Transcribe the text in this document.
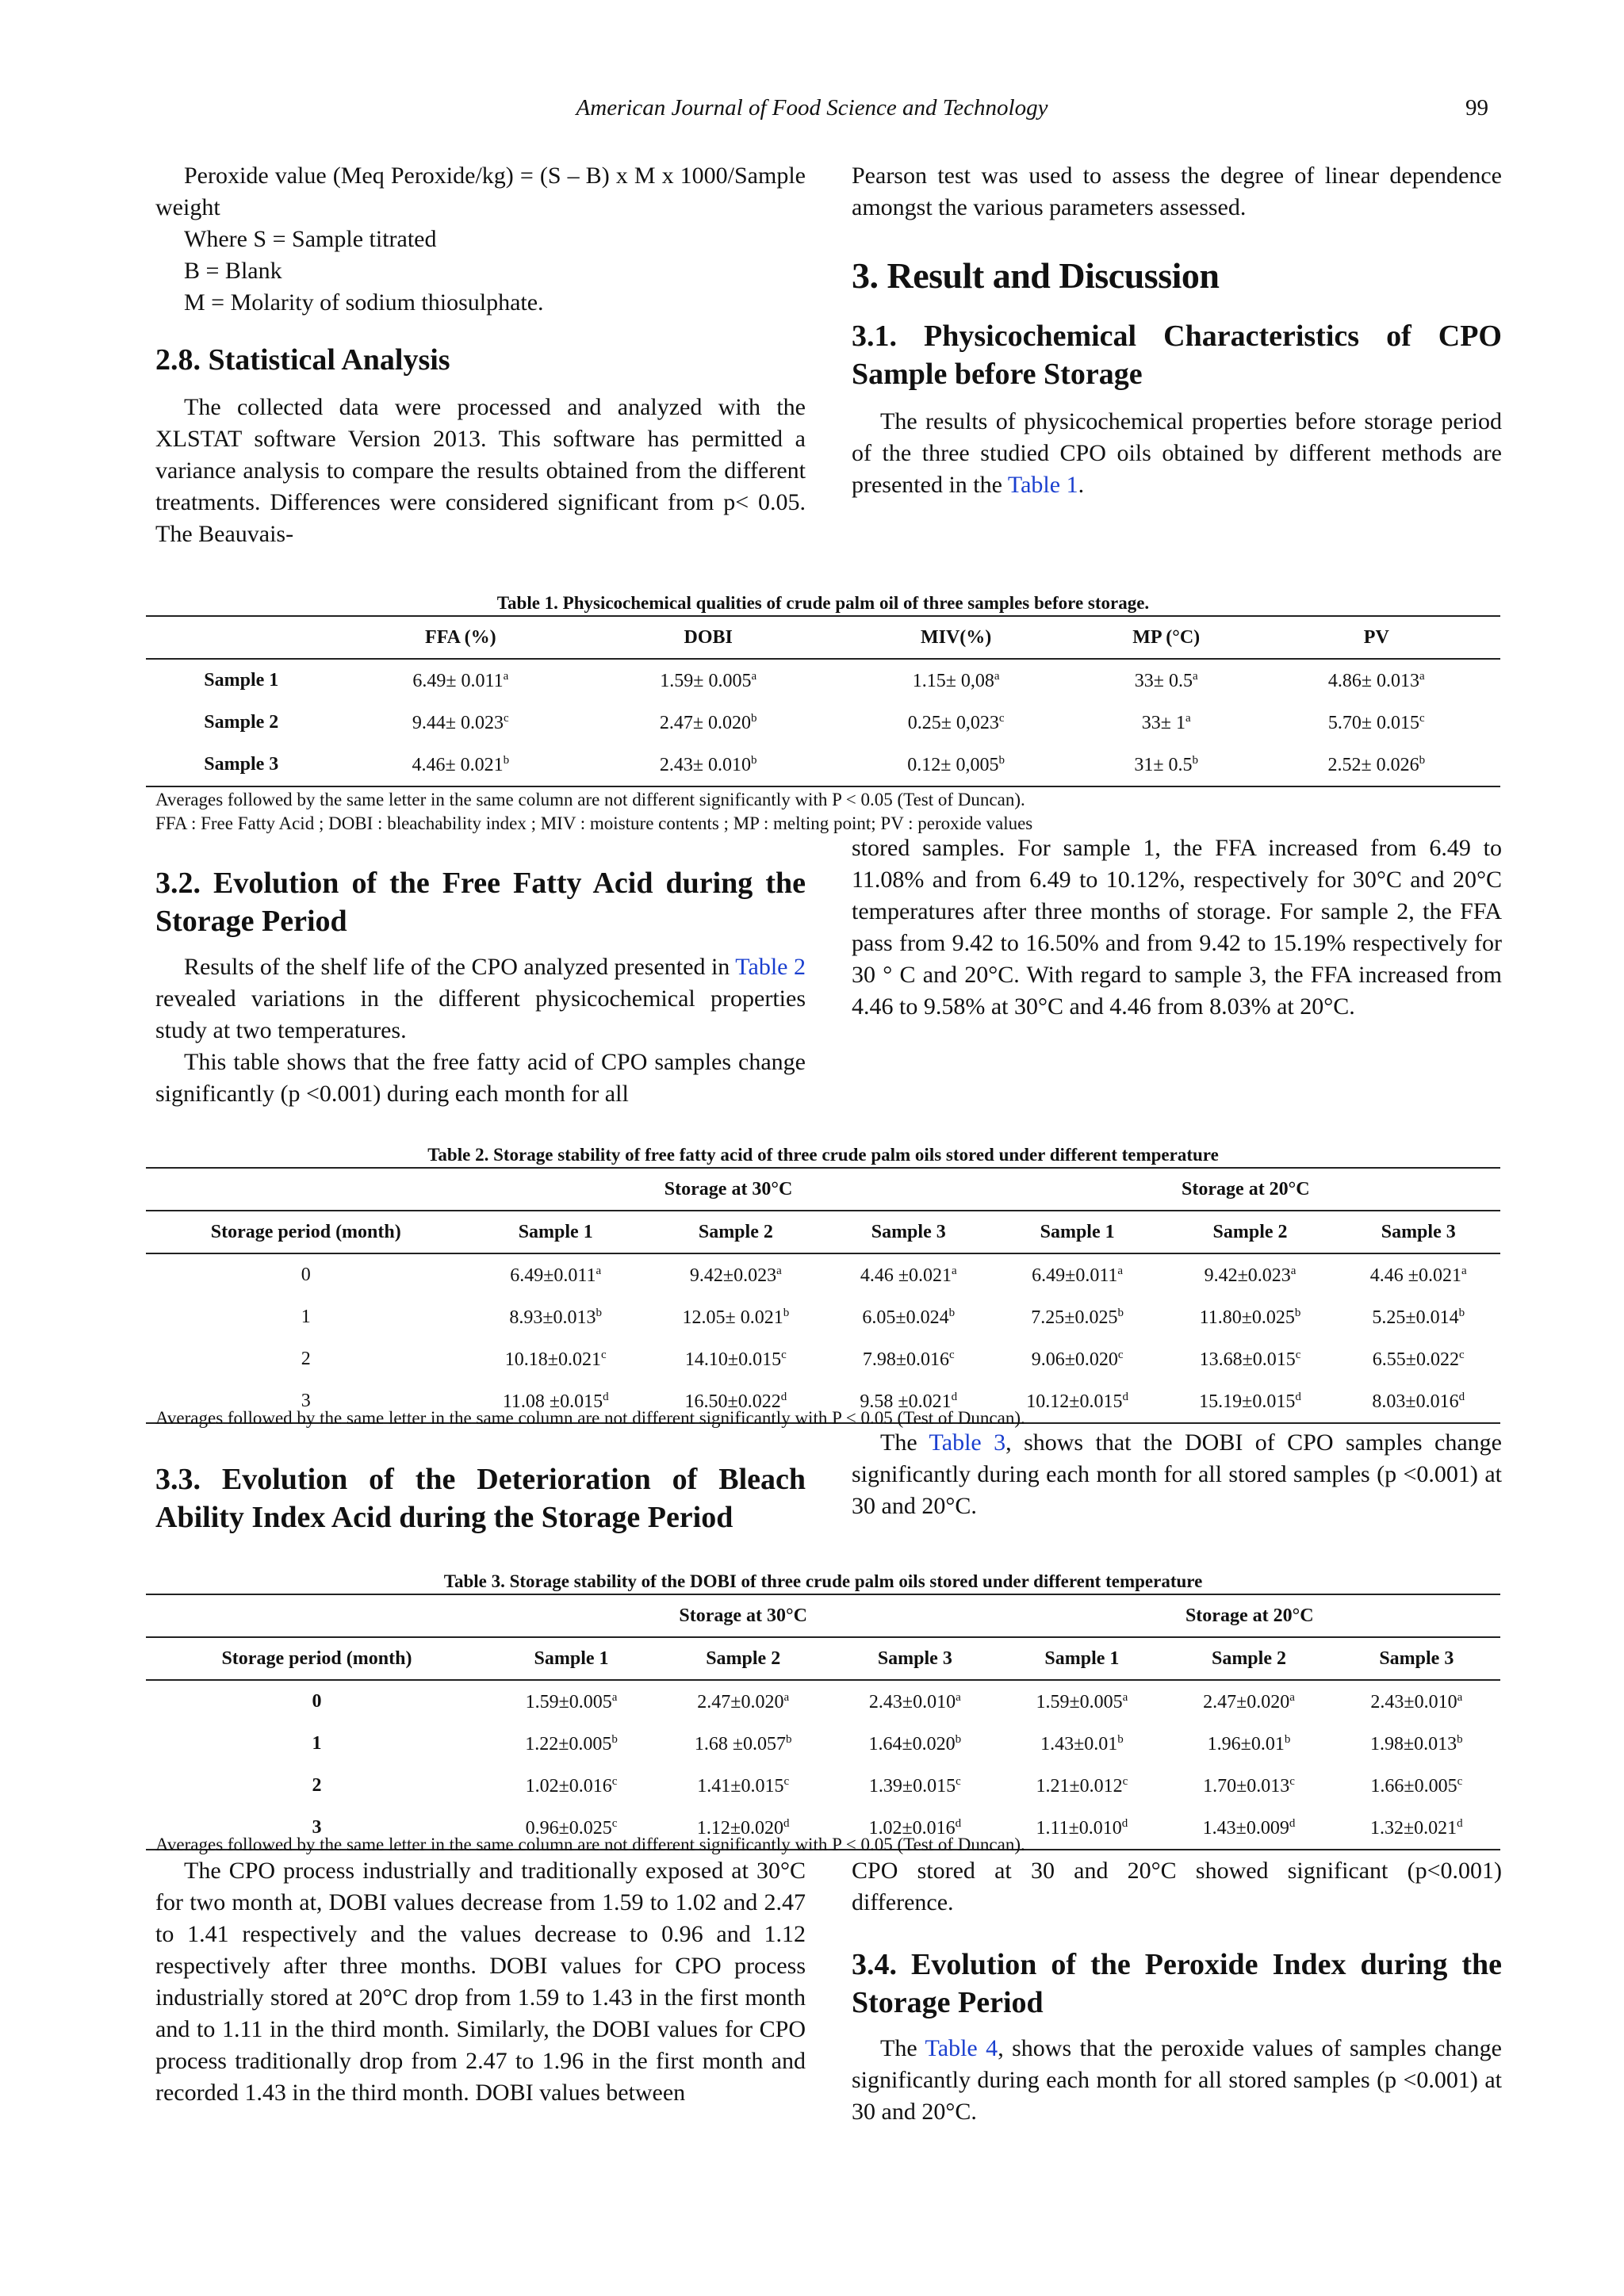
American Journal of Food Science and Technology	99

Peroxide value (Meq Peroxide/kg) = (S – B) x M x 1000/Sample weight

Where S = Sample titrated

B = Blank

M = Molarity of sodium thiosulphate.

2.8. Statistical Analysis

The collected data were processed and analyzed with the XLSTAT software Version 2013. This software has permitted a variance analysis to compare the results obtained from the different treatments. Differences were considered significant from p< 0.05. The Beauvais-

Pearson test was used to assess the degree of linear dependence amongst the various parameters assessed.

3. Result and Discussion
3.1. Physicochemical Characteristics of CPO Sample before Storage

The results of physicochemical properties before storage period of the three studied CPO oils obtained by different methods are presented in the Table 1.

Table 1. Physicochemical qualities of crude palm oil of three samples before storage.
	FFA (%)	DOBI	MIV(%)	MP (°C)	PV
Sample 1	6.49± 0.011$^a$	1.59± 0.005$^a$	1.15± 0,08$^a$	33± 0.5$^a$	4.86± 0.013$^a$
Sample 2	9.44± 0.023$^c$	2.47± 0.020$^b$	0.25± 0,023$^c$	$33\pm 1^a$	5.70± 0.015$^c$
Sample 3	4.46± 0.021$^b$	2.43± 0.010$^b$	0.12± 0,005$^b$	31± 0.5$^b$	2.52± 0.026$^b$
Averages followed by the same letter in the same column are not different significantly with P < 0.05 (Test of Duncan).
FFA : Free Fatty Acid ; DOBI : bleachability index ; MIV : moisture contents ; MP : melting point; PV : peroxide values
3.2. Evolution of the Free Fatty Acid during the Storage Period

Results of the shelf life of the CPO analyzed presented in Table 2 revealed variations in the different physicochemical properties study at two temperatures.

This table shows that the free fatty acid of CPO samples change significantly (p <0.001) during each month for all

stored samples. For sample 1, the FFA increased from 6.49 to 11.08% and from 6.49 to 10.12%, respectively for 30°C and 20°C temperatures after three months of storage. For sample 2, the FFA pass from 9.42 to 16.50% and from 9.42 to 15.19% respectively for 30 ° C and 20°C. With regard to sample 3, the FFA increased from 4.46 to 9.58% at 30°C and 4.46 from 8.03% at 20°C.

Table 2. Storage stability of free fatty acid of three crude palm oils stored under different temperature
	Storage at 30°C			Storage at 20°C		
Storage period (month)	Sample 1	Sample 2	Sample 3	Sample 1	Sample 2	Sample 3
0	6.49±0.011$^a$	9.42±0.023$^a$	4.46 ±0.021$^a$	6.49±0.011$^a$	9.42±0.023$^a$	4.46 ±0.021$^a$
1	8.93±0.013$^b$	12.05± 0.021$^b$	6.05±0.024$^b$	7.25±0.025$^b$	11.80±0.025$^b$	5.25±0.014$^b$
2	10.18±0.021$^c$	14.10±0.015$^c$	7.98±0.016$^c$	9.06±0.020$^c$	13.68±0.015$^c$	6.55±0.022$^c$
3	11.08 ±0.015$^d$	16.50±0.022$^d$	9.58 ±0.021$^d$	10.12±0.015$^d$	15.19±0.015$^d$	8.03±0.016$^d$
Averages followed by the same letter in the same column are not different significantly with P < 0.05 (Test of Duncan).
3.3. Evolution of the Deterioration of Bleach Ability Index Acid during the Storage Period

The Table 3, shows that the DOBI of CPO samples change significantly during each month for all stored samples (p <0.001) at 30 and 20°C.

Table 3. Storage stability of the DOBI of three crude palm oils stored under different temperature
	Storage at 30°C			Storage at 20°C		
Storage period (month)	Sample 1	Sample 2	Sample 3	Sample 1	Sample 2	Sample 3
0	1.59±0.005$^a$	2.47±0.020$^a$	2.43±0.010$^a$	1.59±0.005$^a$	2.47±0.020$^a$	2.43±0.010$^a$
1	1.22±0.005$^b$	1.68 ±0.057$^b$	1.64±0.020$^b$	1.43±0.01$^b$	1.96±0.01$^b$	1.98±0.013$^b$
2	1.02±0.016$^c$	1.41±0.015$^c$	1.39±0.015$^c$	1.21±0.012$^c$	1.70±0.013$^c$	1.66±0.005$^c$
3	0.96±0.025$^c$	1.12±0.020$^d$	1.02±0.016$^d$	1.11±0.010$^d$	1.43±0.009$^d$	1.32±0.021$^d$
Averages followed by the same letter in the same column are not different significantly with P < 0.05 (Test of Duncan).

The CPO process industrially and traditionally exposed at 30°C for two month at, DOBI values decrease from 1.59 to 1.02 and 2.47 to 1.41 respectively and the values decrease to 0.96 and 1.12 respectively after three months. DOBI values for CPO process industrially stored at 20°C drop from 1.59 to 1.43 in the first month and to 1.11 in the third month. Similarly, the DOBI values for CPO process traditionally drop from 2.47 to 1.96 in the first month and recorded 1.43 in the third month. DOBI values between

CPO stored at 30 and 20°C showed significant (p<0.001) difference.

3.4. Evolution of the Peroxide Index during the Storage Period

The Table 4, shows that the peroxide values of samples change significantly during each month for all stored samples (p <0.001) at 30 and 20°C.
